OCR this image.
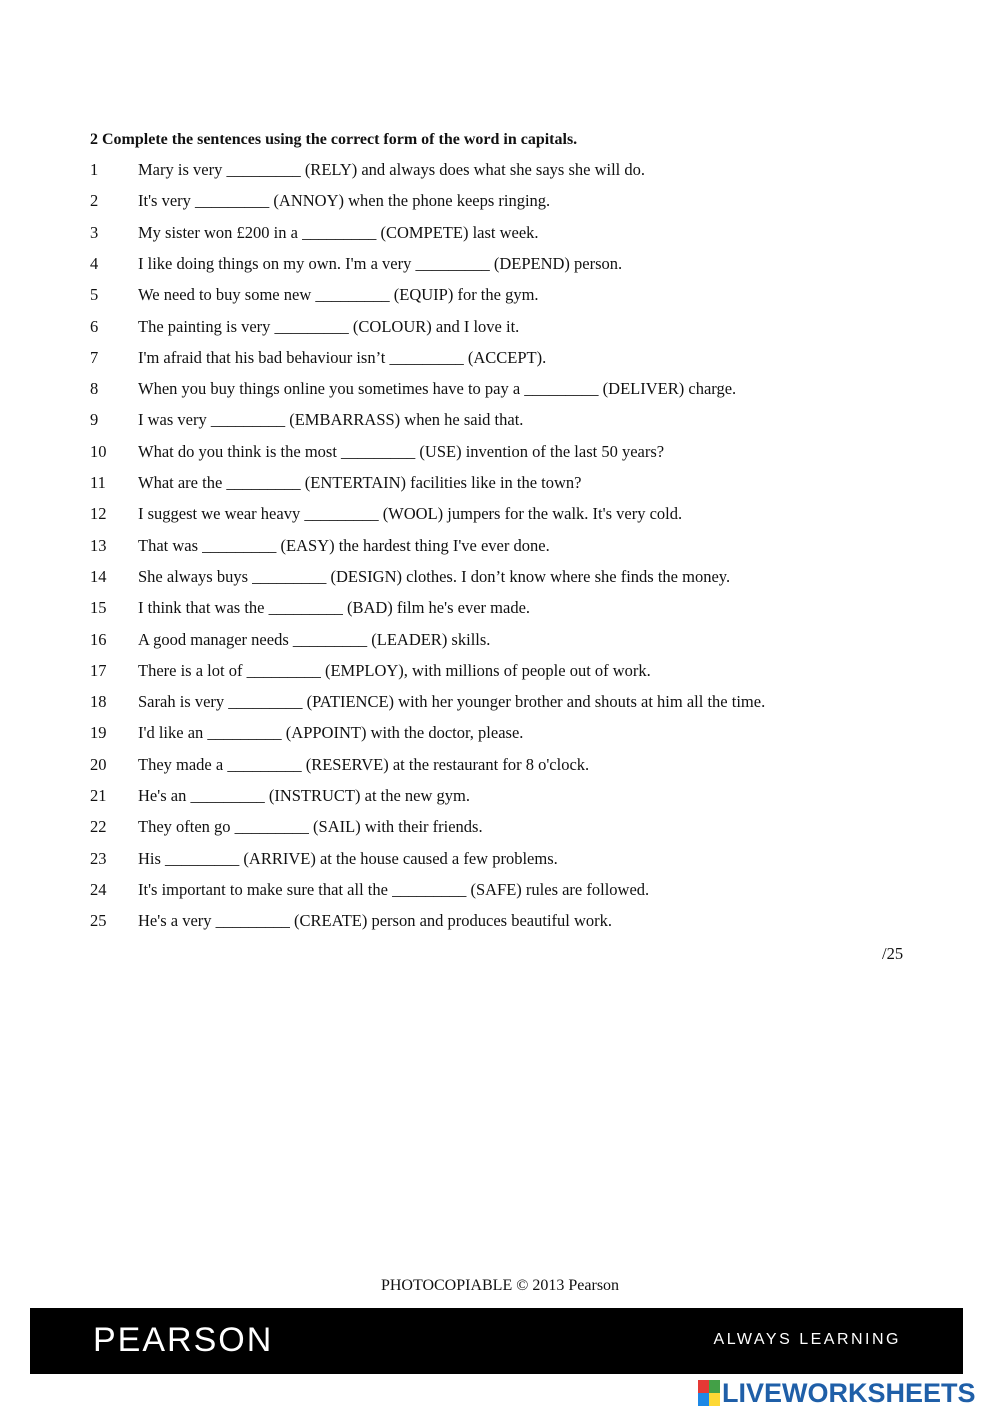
2 Complete the sentences using the correct form of the word in capitals.
1	Mary is very _________ (RELY) and always does what she says she will do.
2	It's very _________ (ANNOY) when the phone keeps ringing.
3	My sister won £200 in a _________ (COMPETE) last week.
4	I like doing things on my own. I'm a very _________ (DEPEND) person.
5	We need to buy some new _________ (EQUIP) for the gym.
6	The painting is very _________ (COLOUR) and I love it.
7	I'm afraid that his bad behaviour isn’t _________ (ACCEPT).
8	When you buy things online you sometimes have to pay a _________ (DELIVER) charge.
9	I was very _________ (EMBARRASS) when he said that.
10	What do you think is the most _________ (USE) invention of the last 50 years?
11	What are the _________ (ENTERTAIN) facilities like in the town?
12	I suggest we wear heavy _________ (WOOL) jumpers for the walk. It's very cold.
13	That was _________ (EASY) the hardest thing I've ever done.
14	She always buys _________ (DESIGN) clothes. I don’t know where she finds the money.
15	I think that was the _________ (BAD) film he's ever made.
16	A good manager needs _________ (LEADER) skills.
17	There is a lot of _________ (EMPLOY), with millions of people out of work.
18	Sarah is very _________ (PATIENCE) with her younger brother and shouts at him all the time.
19	I'd like an _________ (APPOINT) with the doctor, please.
20	They made a _________ (RESERVE) at the restaurant for 8 o'clock.
21	He's an _________ (INSTRUCT) at the new gym.
22	They often go _________ (SAIL) with their friends.
23	His _________ (ARRIVE) at the house caused a few problems.
24	It's important to make sure that all the _________ (SAFE) rules are followed.
25	He's a very _________ (CREATE) person and produces beautiful work.
/25
PHOTOCOPIABLE © 2013 Pearson
PEARSON	ALWAYS LEARNING
LIVEWORKSHEETS
